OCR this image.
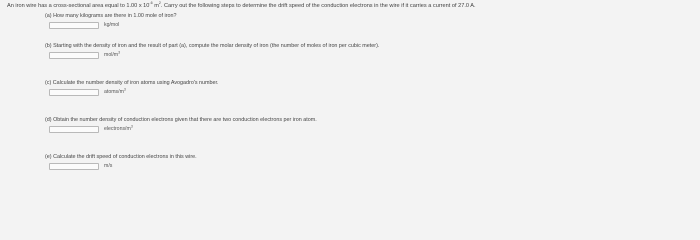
An iron wire has a cross-sectional area equal to 1.00 x $10^{-6}$ $m^2$. Carry out the following steps to determine the drift speed of the conduction electrons in the wire if it carries a current of 27.0 A.
(a) How many kilograms are there in 1.00 mole of iron?
kg/mol
(b) Starting with the density of iron and the result of part (a), compute the molar density of iron (the number of moles of iron per cubic meter).
mol/$m^3$
(c) Calculate the number density of iron atoms using Avogadro's number.
atoms/$m^3$
(d) Obtain the number density of conduction electrons given that there are two conduction electrons per iron atom.
electrons/$m^3$
(e) Calculate the drift speed of conduction electrons in this wire.
m/s
